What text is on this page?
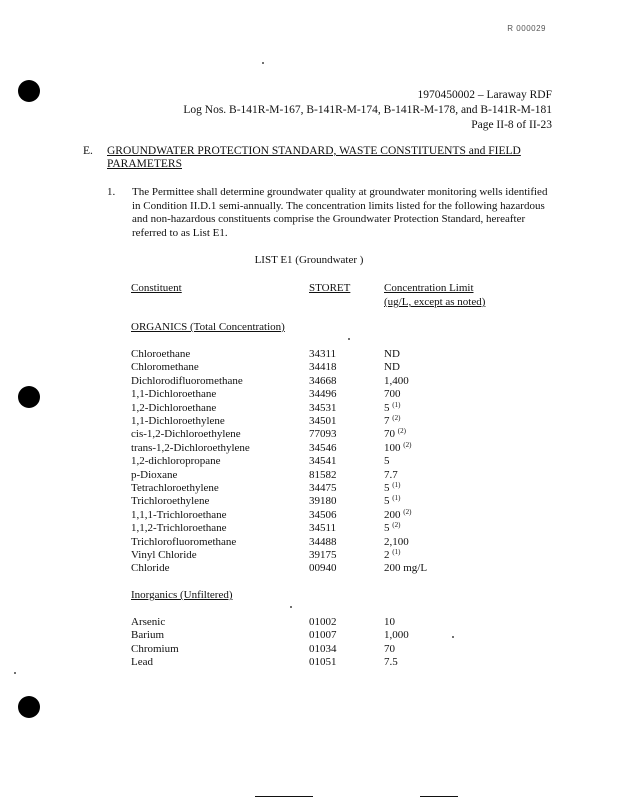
R 000029
1970450002 – Laraway RDF
Log Nos. B-141R-M-167, B-141R-M-174, B-141R-M-178, and B-141R-M-181
Page II-8 of II-23
E. GROUNDWATER PROTECTION STANDARD, WASTE CONSTITUENTS and FIELD PARAMETERS
1. The Permittee shall determine groundwater quality at groundwater monitoring wells identified in Condition II.D.1 semi-annually. The concentration limits listed for the following hazardous and non-hazardous constituents comprise the Groundwater Protection Standard, hereafter referred to as List E1.
LIST E1 (Groundwater )
Constituent	STORET	Concentration Limit
(ug/L, except as noted)
ORGANICS (Total Concentration)
Chloroethane	34311	ND
Chloromethane	34418	ND
Dichlorodifluoromethane	34668	1,400
1,1-Dichloroethane	34496	700
1,2-Dichloroethane	34531	5 $^{(1)}$
1,1-Dichloroethylene	34501	7 $^{(2)}$
cis-1,2-Dichloroethylene	77093	70 $^{(2)}$
trans-1,2-Dichloroethylene	34546	100 $^{(2)}$
1,2-dichloropropane	34541	5
p-Dioxane	81582	7.7
Tetrachloroethylene	34475	5 $^{(1)}$
Trichloroethylene	39180	5 $^{(1)}$
1,1,1-Trichloroethane	34506	200 $^{(2)}$
1,1,2-Trichloroethane	34511	5 $^{(2)}$
Trichlorofluoromethane	34488	2,100
Vinyl Chloride	39175	2 $^{(1)}$
Chloride	00940	200 mg/L
Inorganics (Unfiltered)
Arsenic	01002	10
Barium	01007	1,000
Chromium	01034	70
Lead	01051	7.5
